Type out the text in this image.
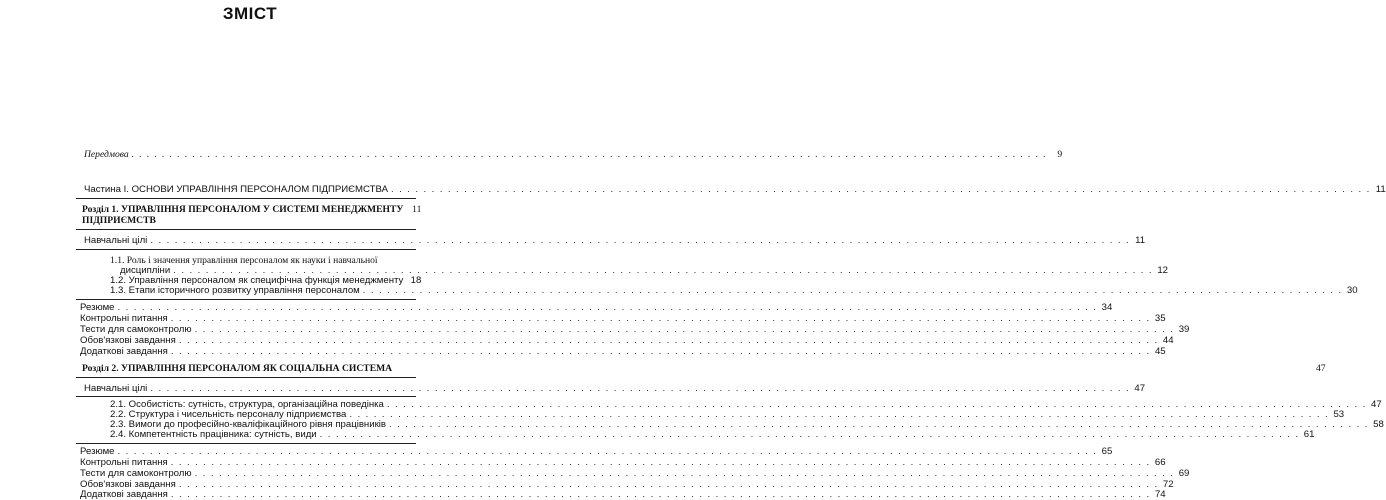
ЗМІСТ
Передмова . . .	9
Частина І. ОСНОВИ УПРАВЛІННЯ ПЕРСОНАЛОМ ПІДПРИЄМСТВА . . .	11
Розділ 1. УПРАВЛІННЯ ПЕРСОНАЛОМ У СИСТЕМІ МЕНЕДЖМЕНТУ 11
ПІДПРИЄМСТВ
Навчальні цілі . . .	11
1.1. Роль і значення управління персоналом як науки і навчальної
дисципліни . . .	12
1.2. Управління персоналом як специфічна функція менеджменту 18
1.3. Етапи історичного розвитку управління персоналом . . .	30
Резюме . . .	34
Контрольні питання . . .	35
Тести для самоконтролю . . .	39
Обов'язкові завдання . . .	44
Додаткові завдання . . .	45
Розділ 2. УПРАВЛІННЯ ПЕРСОНАЛОМ ЯК СОЦІАЛЬНА СИСТЕМА	47
Навчальні цілі . . .	47
2.1. Особистість: сутність, структура, організаційна поведінка . . .	47
2.2. Структура і чисельність персоналу підприємства . . .	53
2.3. Вимоги до професійно-кваліфікаційного рівня працівників . . .	58
2.4. Компетентність працівника: сутність, види . . .	61
Резюме . . .	65
Контрольні питання . . .	66
Тести для самоконтролю . . .	69
Обов'язкові завдання . . .	72
Додаткові завдання . . .	74
